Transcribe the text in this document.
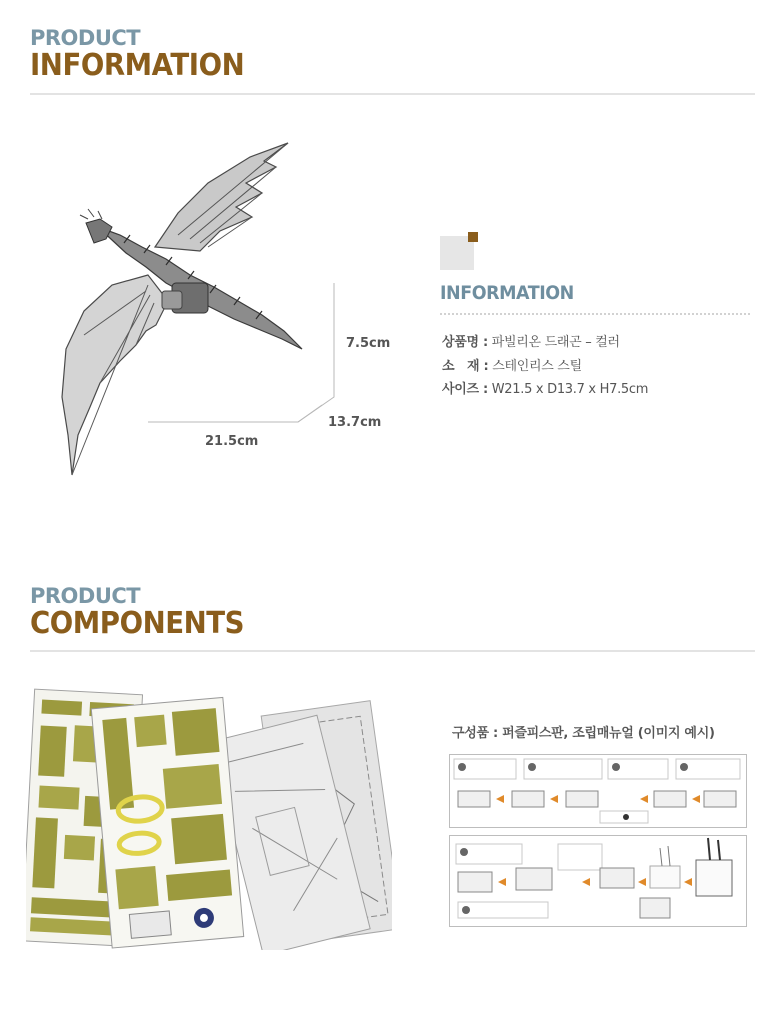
PRODUCT
INFORMATION
7.5cm
13.7cm
21.5cm
INFORMATION
상품명 : 파빌리온 드래곤 – 컬러
소　재 : 스테인리스 스틸
사이즈 : W21.5 x D13.7 x H7.5cm
PRODUCT
COMPONENTS
구성품 : 퍼즐피스판, 조립매뉴얼 (이미지 예시)
